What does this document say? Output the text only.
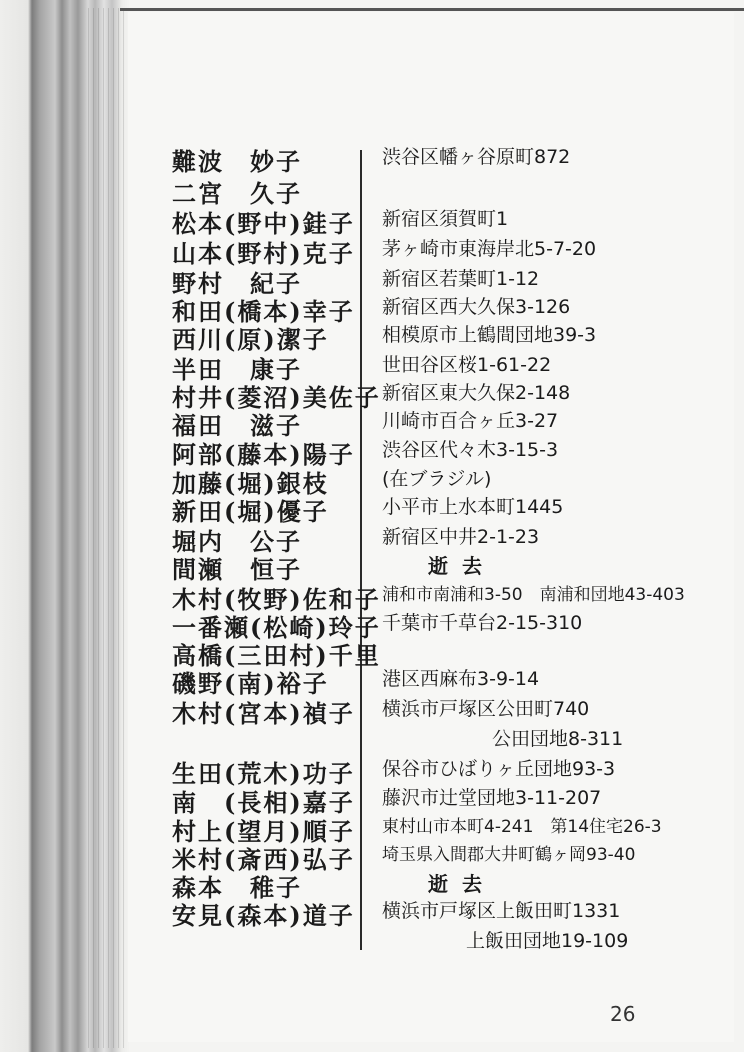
難波　妙子	渋谷区幡ヶ谷原町872
二宮　久子
松本(野中)銈子 新宿区須賀町1
山本(野村)克子 茅ヶ崎市東海岸北5-7-20
野村　紀子	新宿区若葉町1-12
和田(橋本)幸子 新宿区西大久保3-126
西川(原)潔子	相模原市上鶴間団地39-3
半田　康子	世田谷区桜1-61-22
村井(菱沼)美佐子 新宿区東大久保2-148
福田　滋子	川崎市百合ヶ丘3-27
阿部(藤本)陽子 渋谷区代々木3-15-3
加藤(堀)銀枝	(在ブラジル)
新田(堀)優子	小平市上水本町1445
堀内　公子	新宿区中井2-1-23
間瀬　恒子	逝去
木村(牧野)佐和子 浦和市南浦和3-50　南浦和団地43-403
一番瀬(松崎)玲子 千葉市千草台2-15-310
高橋(三田村)千里
磯野(南)裕子	港区西麻布3-9-14
木村(宮本)禎子 横浜市戸塚区公田町740
公田団地8-311
生田(荒木)功子 保谷市ひばりヶ丘団地93-3
南　(長相)嘉子 藤沢市辻堂団地3-11-207
村上(望月)順子 東村山市本町4-241　第14住宅26-3
米村(斎西)弘子 埼玉県入間郡大井町鶴ヶ岡93-40
森本　稚子	逝去
安見(森本)道子 横浜市戸塚区上飯田町1331
上飯田団地19-109
26
